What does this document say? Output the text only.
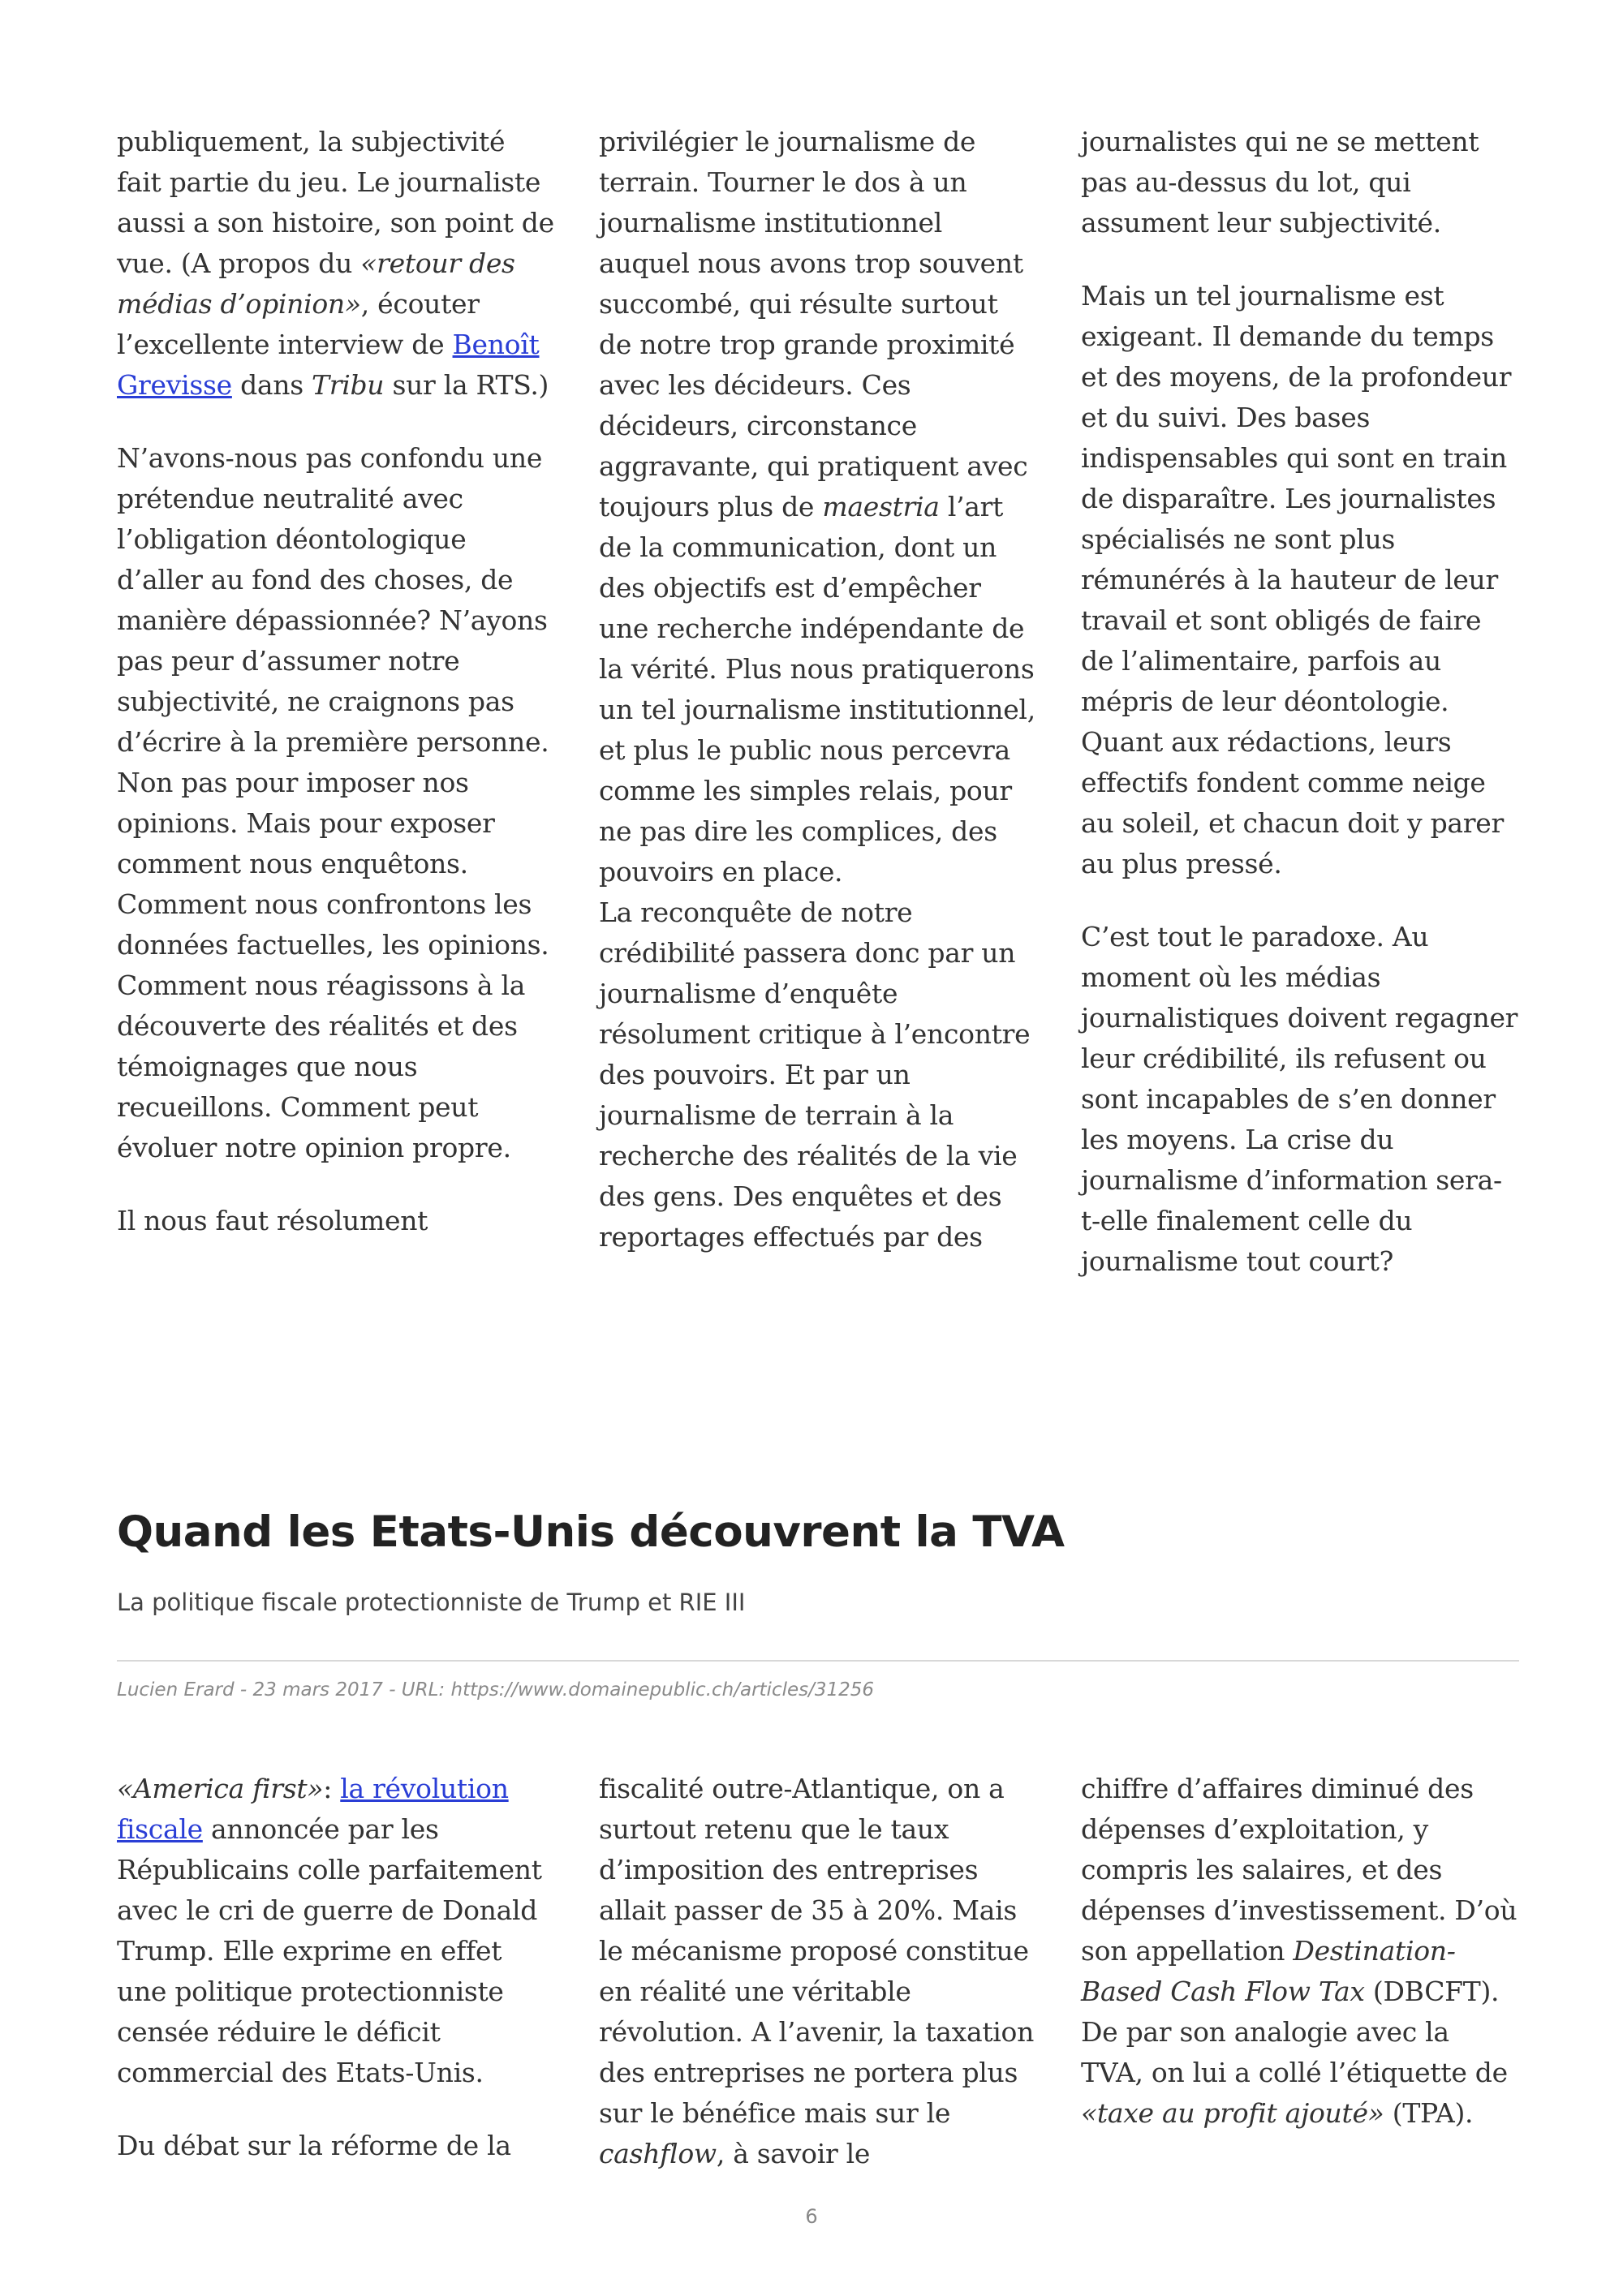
publiquement, la subjectivité fait partie du jeu. Le journaliste aussi a son histoire, son point de vue. (A propos du «retour des médias d’opinion», écouter l’excellente interview de Benoît Grevisse dans Tribu sur la RTS.)

N’avons-nous pas confondu une prétendue neutralité avec l’obligation déontologique d’aller au fond des choses, de manière dépassionnée? N’ayons pas peur d’assumer notre subjectivité, ne craignons pas d’écrire à la première personne. Non pas pour imposer nos opinions. Mais pour exposer comment nous enquêtons. Comment nous confrontons les données factuelles, les opinions. Comment nous réagissons à la découverte des réalités et des témoignages que nous recueillons. Comment peut évoluer notre opinion propre.

Il nous faut résolument

privilégier le journalisme de terrain. Tourner le dos à un journalisme institutionnel auquel nous avons trop souvent succombé, qui résulte surtout de notre trop grande proximité avec les décideurs. Ces décideurs, circonstance aggravante, qui pratiquent avec toujours plus de maestria l’art de la communication, dont un des objectifs est d’empêcher une recherche indépendante de la vérité. Plus nous pratiquerons un tel journalisme institutionnel, et plus le public nous percevra comme les simples relais, pour ne pas dire les complices, des pouvoirs en place.

La reconquête de notre crédibilité passera donc par un journalisme d’enquête résolument critique à l’encontre des pouvoirs. Et par un journalisme de terrain à la recherche des réalités de la vie des gens. Des enquêtes et des reportages effectués par des

journalistes qui ne se mettent pas au-dessus du lot, qui assument leur subjectivité.

Mais un tel journalisme est exigeant. Il demande du temps et des moyens, de la profondeur et du suivi. Des bases indispensables qui sont en train de disparaître. Les journalistes spécialisés ne sont plus rémunérés à la hauteur de leur travail et sont obligés de faire de l’alimentaire, parfois au mépris de leur déontologie. Quant aux rédactions, leurs effectifs fondent comme neige au soleil, et chacun doit y parer au plus pressé.

C’est tout le paradoxe. Au moment où les médias journalistiques doivent regagner leur crédibilité, ils refusent ou sont incapables de s’en donner les moyens. La crise du journalisme d’information sera-t-elle finalement celle du journalisme tout court?

Quand les Etats-Unis découvrent la TVA
La politique fiscale protectionniste de Trump et RIE III
Lucien Erard - 23 mars 2017 - URL: https://www.domainepublic.ch/articles/31256

«America first»: la révolution fiscale annoncée par les Républicains colle parfaitement avec le cri de guerre de Donald Trump. Elle exprime en effet une politique protectionniste censée réduire le déficit commercial des Etats-Unis.

Du débat sur la réforme de la

fiscalité outre-Atlantique, on a surtout retenu que le taux d’imposition des entreprises allait passer de 35 à 20%. Mais le mécanisme proposé constitue en réalité une véritable révolution. A l’avenir, la taxation des entreprises ne portera plus sur le bénéfice mais sur le cashflow, à savoir le

chiffre d’affaires diminué des dépenses d’exploitation, y compris les salaires, et des dépenses d’investissement. D’où son appellation Destination-Based Cash Flow Tax (DBCFT). De par son analogie avec la TVA, on lui a collé l’étiquette de «taxe au profit ajouté» (TPA).

6
